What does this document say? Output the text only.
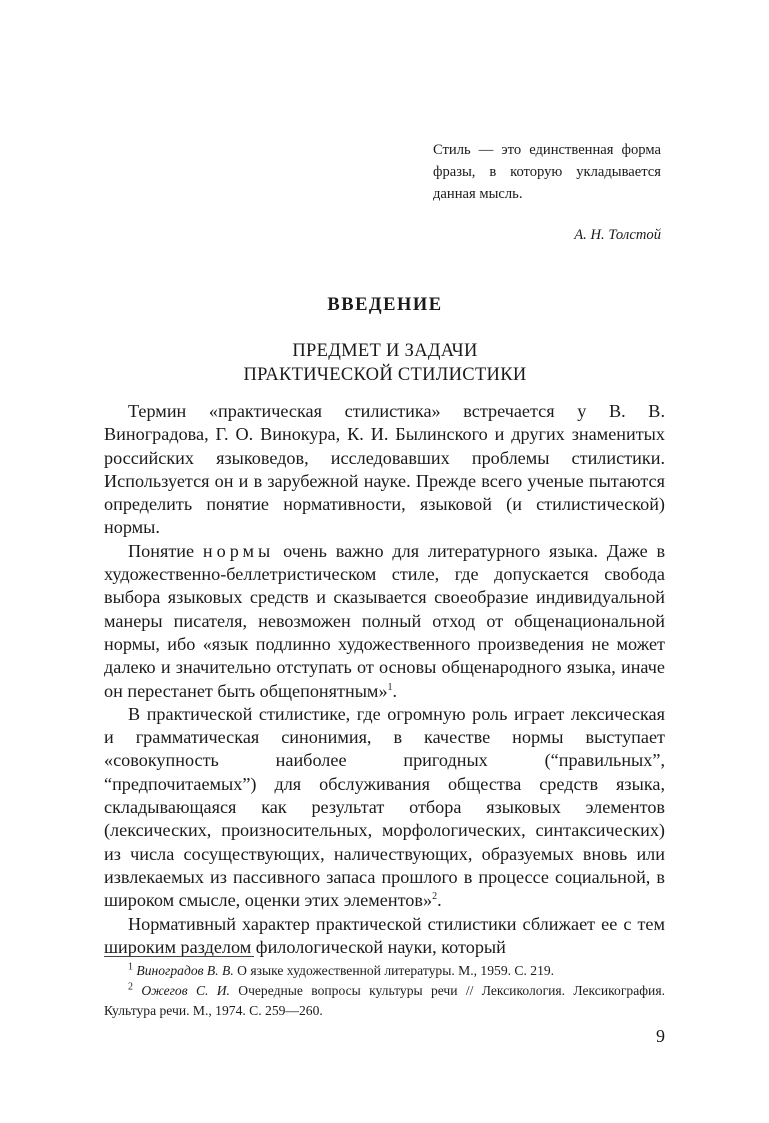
Стиль — это единственная форма фразы, в которую укладывается данная мысль.
А. Н. Толстой
ВВЕДЕНИЕ
ПРЕДМЕТ И ЗАДАЧИ
ПРАКТИЧЕСКОЙ СТИЛИСТИКИ

Термин «практическая стилистика» встречается у В. В. Виноградова, Г. О. Винокура, К. И. Былинского и других знаменитых российских языковедов, исследовавших проблемы стилистики. Используется он и в зарубежной науке. Прежде всего ученые пытаются определить понятие нормативности, языковой (и стилистической) нормы.

Понятие нормы очень важно для литературного языка. Даже в художественно-беллетристическом стиле, где допускается свобода выбора языковых средств и сказывается своеобразие индивидуальной манеры писателя, невозможен полный отход от общенациональной нормы, ибо «язык подлинно художественного произведения не может далеко и значительно отступать от основы общенародного языка, иначе он перестанет быть общепонятным»$^1$.

В практической стилистике, где огромную роль играет лексическая и грамматическая синонимия, в качестве нормы выступает «совокупность наиболее пригодных (“правильных”, “предпочитаемых”) для обслуживания общества средств языка, складывающаяся как результат отбора языковых элементов (лексических, произносительных, морфологических, синтаксических) из числа сосуществующих, наличествующих, образуемых вновь или извлекаемых из пассивного запаса прошлого в процессе социальной, в широком смысле, оценки этих элементов»$^2$.

Нормативный характер практической стилистики сближает ее с тем широким разделом филологической науки, который

$^1$ Виноградов В. В. О языке художественной литературы. М., 1959. С. 219.

$^2$ Ожегов С. И. Очередные вопросы культуры речи // Лексикология. Лексикография. Культура речи. М., 1974. С. 259—260.

9
